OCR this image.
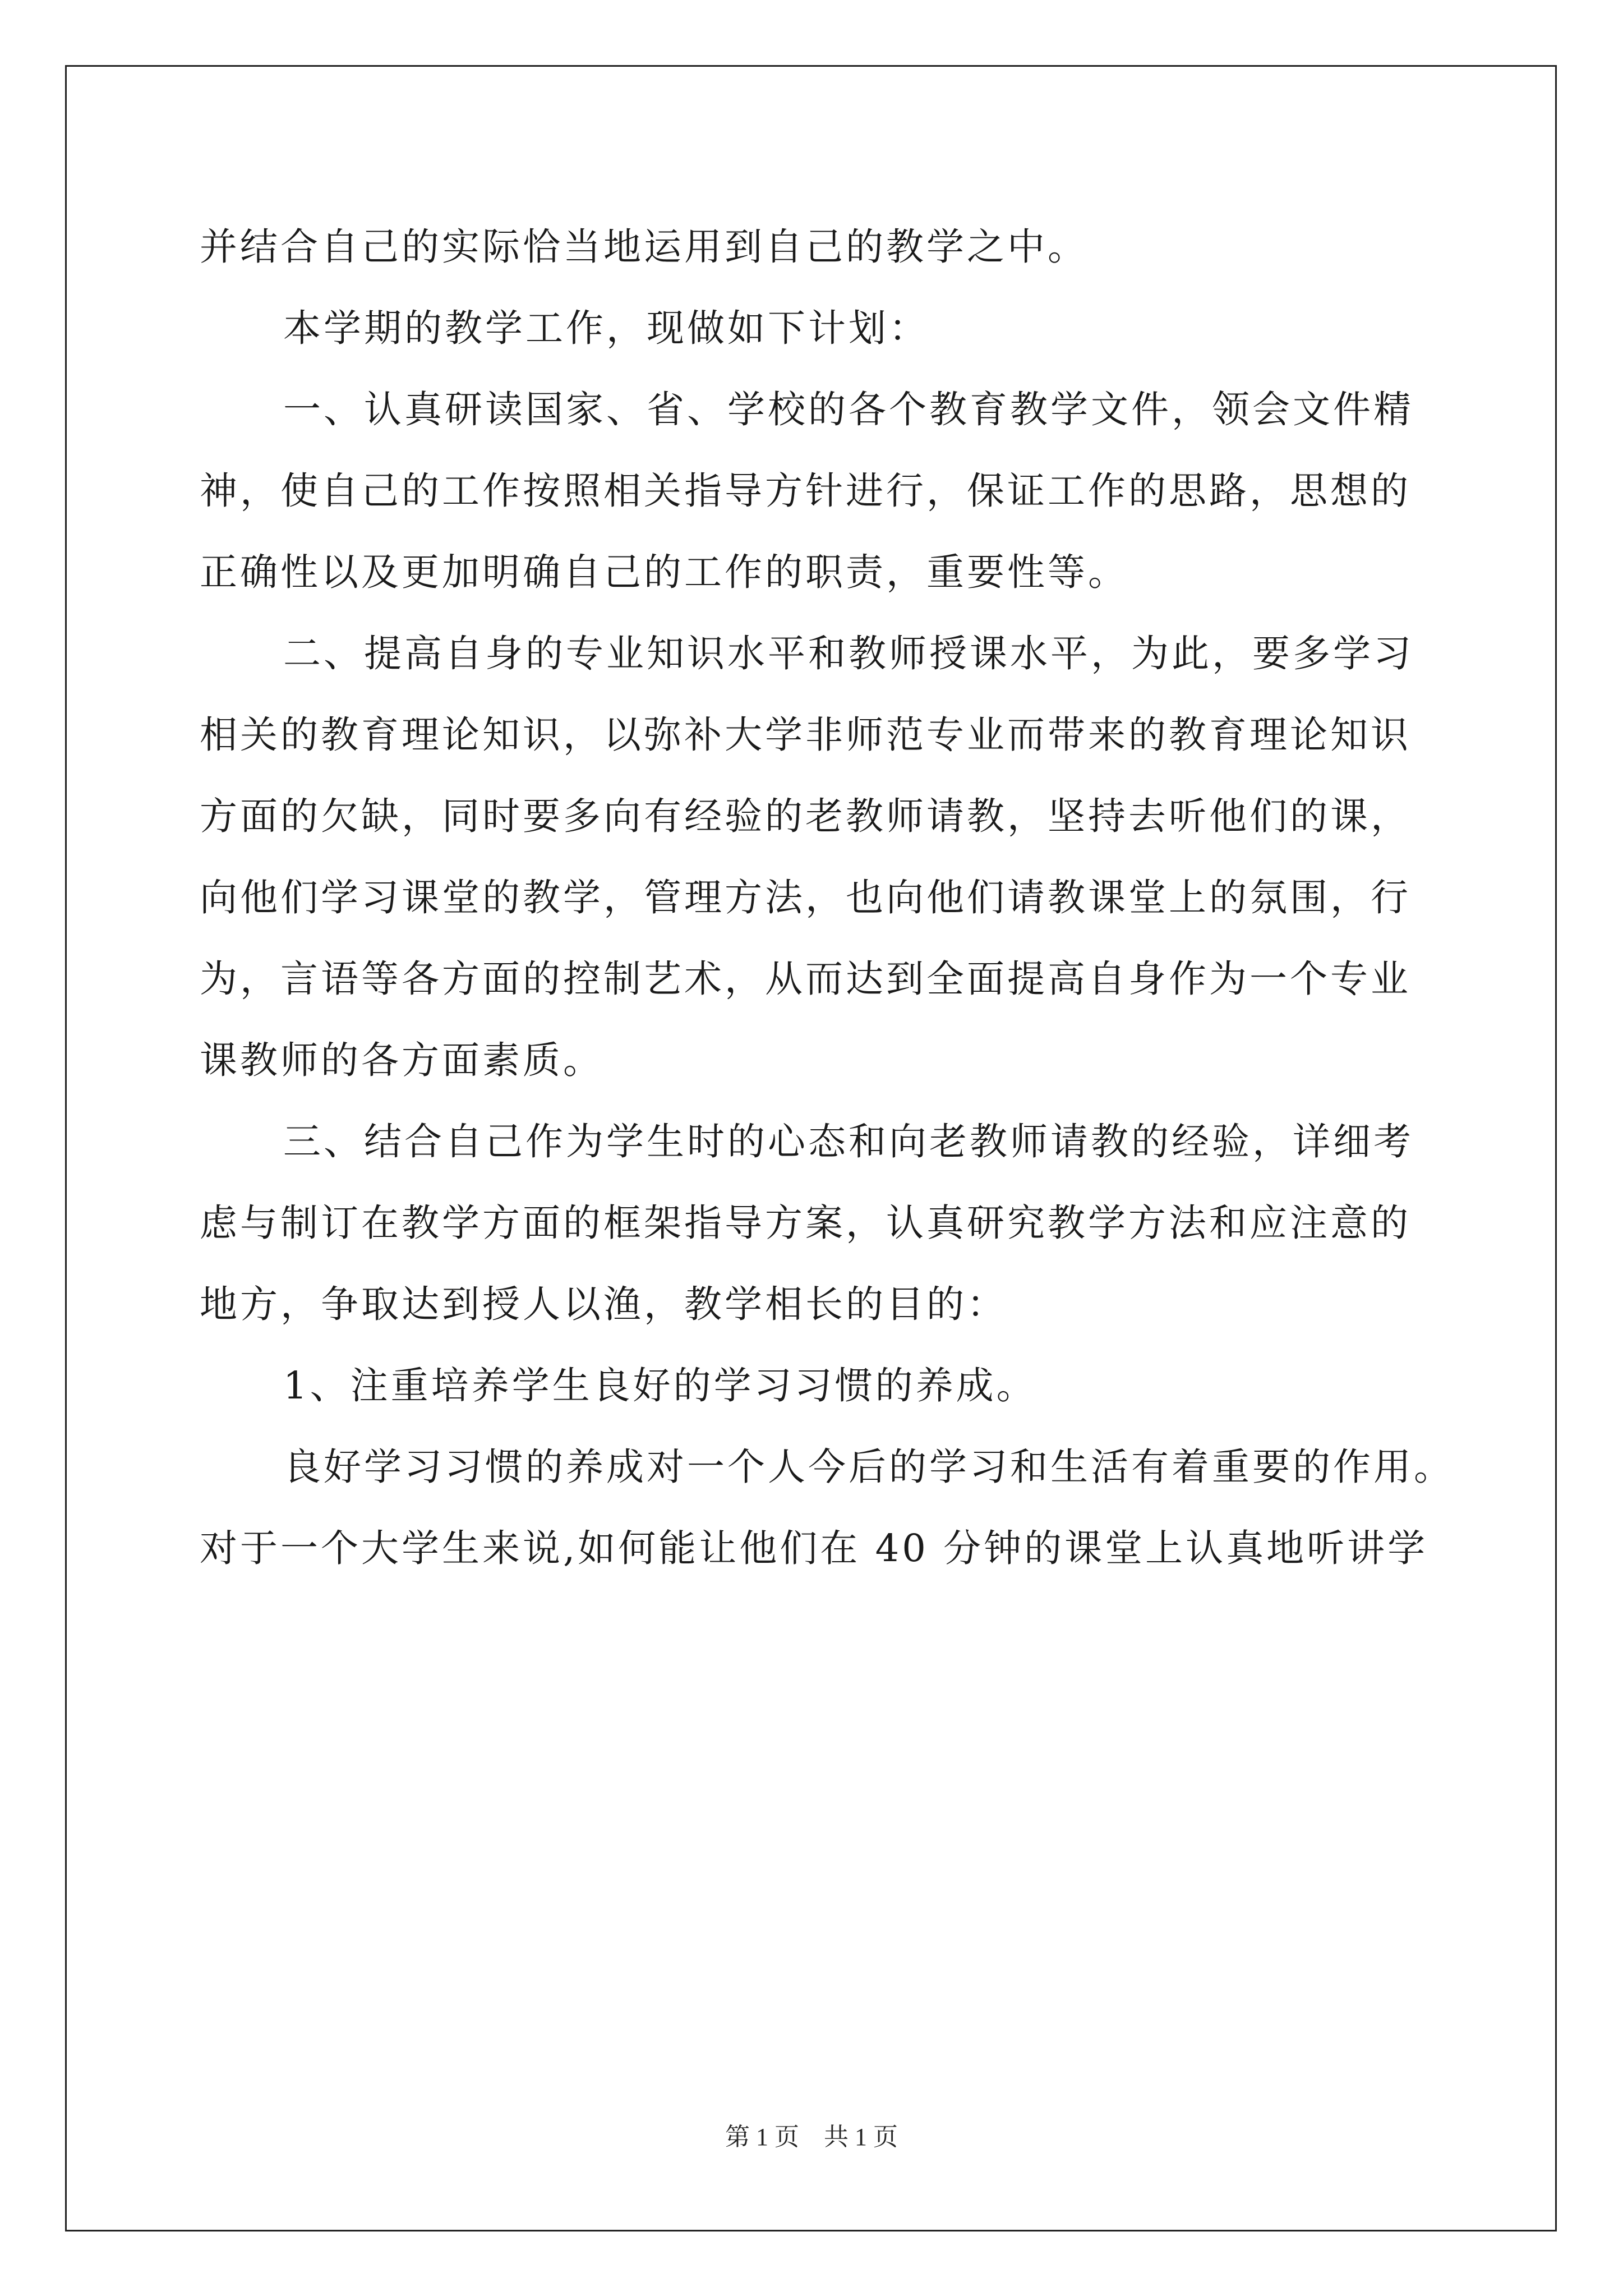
并结合自己的实际恰当地运用到自己的教学之中。
本学期的教学工作，现做如下计划：
一、认真研读国家、省、学校的各个教育教学文件，领会文件精
神，使自己的工作按照相关指导方针进行，保证工作的思路，思想的
正确性以及更加明确自己的工作的职责，重要性等。
二、提高自身的专业知识水平和教师授课水平，为此，要多学习
相关的教育理论知识，以弥补大学非师范专业而带来的教育理论知识
方面的欠缺，同时要多向有经验的老教师请教，坚持去听他们的课，
向他们学习课堂的教学，管理方法，也向他们请教课堂上的氛围，行
为，言语等各方面的控制艺术，从而达到全面提高自身作为一个专业
课教师的各方面素质。
三、结合自己作为学生时的心态和向老教师请教的经验，详细考
虑与制订在教学方面的框架指导方案，认真研究教学方法和应注意的
地方，争取达到授人以渔，教学相长的目的：
1、注重培养学生良好的学习习惯的养成。
良好学习习惯的养成对一个人今后的学习和生活有着重要的作用。
对于一个大学生来说,如何能让他们在 40 分钟的课堂上认真地听讲学
第 1 页　共 1 页
